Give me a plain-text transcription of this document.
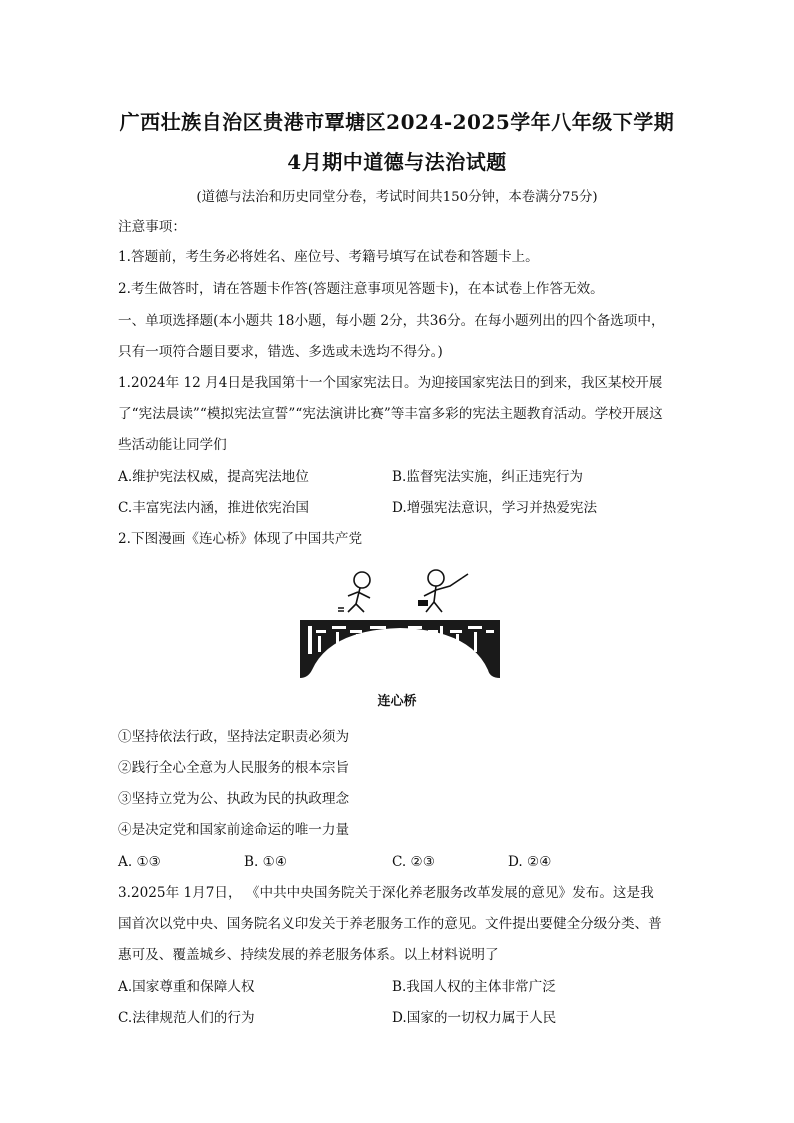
广西壮族自治区贵港市覃塘区2024-2025学年八年级下学期
4月期中道德与法治试题
(道德与法治和历史同堂分卷，考试时间共150分钟，本卷满分75分)
注意事项：
1.答题前，考生务必将姓名、座位号、考籍号填写在试卷和答题卡上。
2.考生做答时，请在答题卡作答(答题注意事项见答题卡)，在本试卷上作答无效。
一、单项选择题(本小题共 18小题，每小题 2分，共36分。在每小题列出的四个备选项中，
只有一项符合题目要求，错选、多选或未选均不得分。)
1.2024年 12 月4日是我国第十一个国家宪法日。为迎接国家宪法日的到来，我区某校开展
了“宪法晨读”“模拟宪法宣誓”“宪法演讲比赛”等丰富多彩的宪法主题教育活动。学校开展这
些活动能让同学们
A.维护宪法权威，提高宪法地位	B.监督宪法实施，纠正违宪行为
C.丰富宪法内涵，推进依宪治国	D.增强宪法意识，学习并热爱宪法
2.下图漫画《连心桥》体现了中国共产党
连心桥
①坚持依法行政，坚持法定职责必须为
②践行全心全意为人民服务的根本宗旨
③坚持立党为公、执政为民的执政理念
④是决定党和国家前途命运的唯一力量
A. ①③	B. ①④	C. ②③	D. ②④
3.2025年 1月7日， 《中共中央国务院关于深化养老服务改革发展的意见》发布。这是我
国首次以党中央、国务院名义印发关于养老服务工作的意见。文件提出要健全分级分类、普
惠可及、覆盖城乡、持续发展的养老服务体系。以上材料说明了
A.国家尊重和保障人权	B.我国人权的主体非常广泛
C.法律规范人们的行为	D.国家的一切权力属于人民
